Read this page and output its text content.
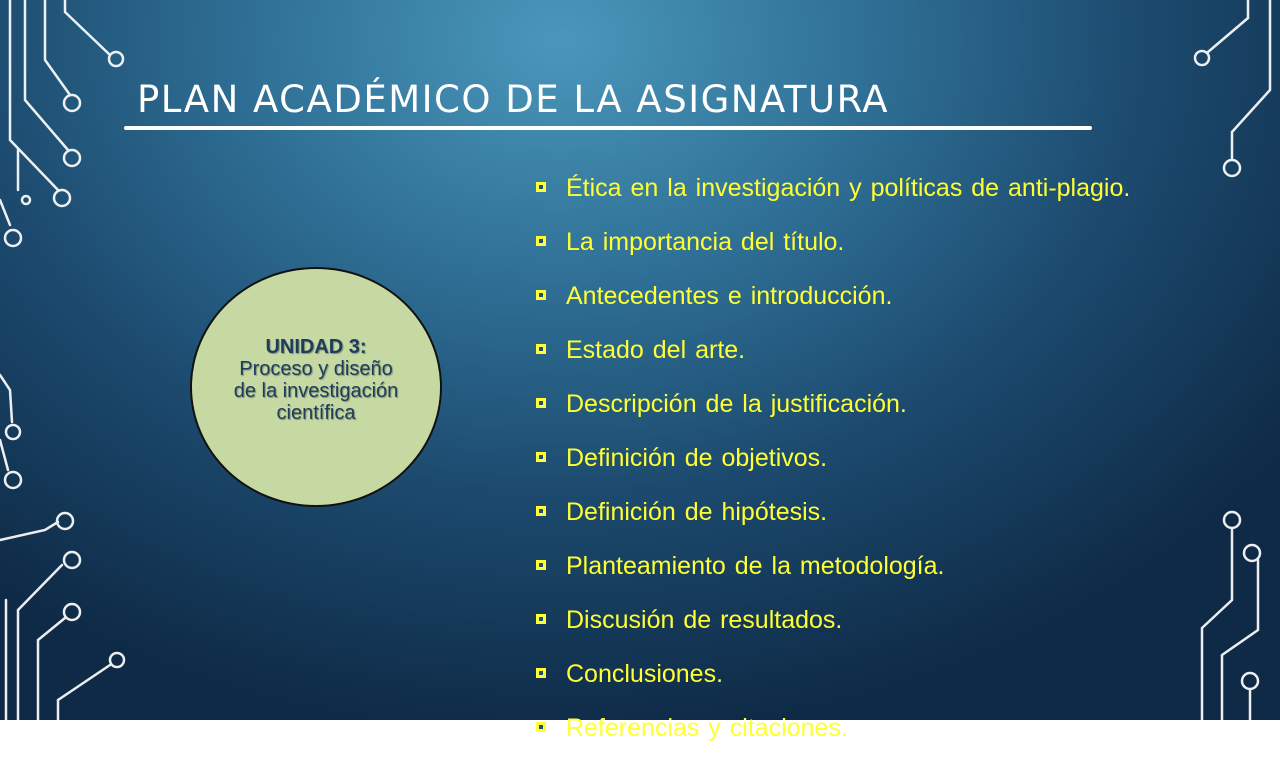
PLAN ACADÉMICO DE LA ASIGNATURA
UNIDAD 3:
Proceso y diseño de la investigación científica
Ética en la investigación y políticas de anti-plagio.
La importancia del título.
Antecedentes e introducción.
Estado del arte.
Descripción de la justificación.
Definición de objetivos.
Definición de hipótesis.
Planteamiento de la metodología.
Discusión de resultados.
Conclusiones.
Referencias y citaciones.
